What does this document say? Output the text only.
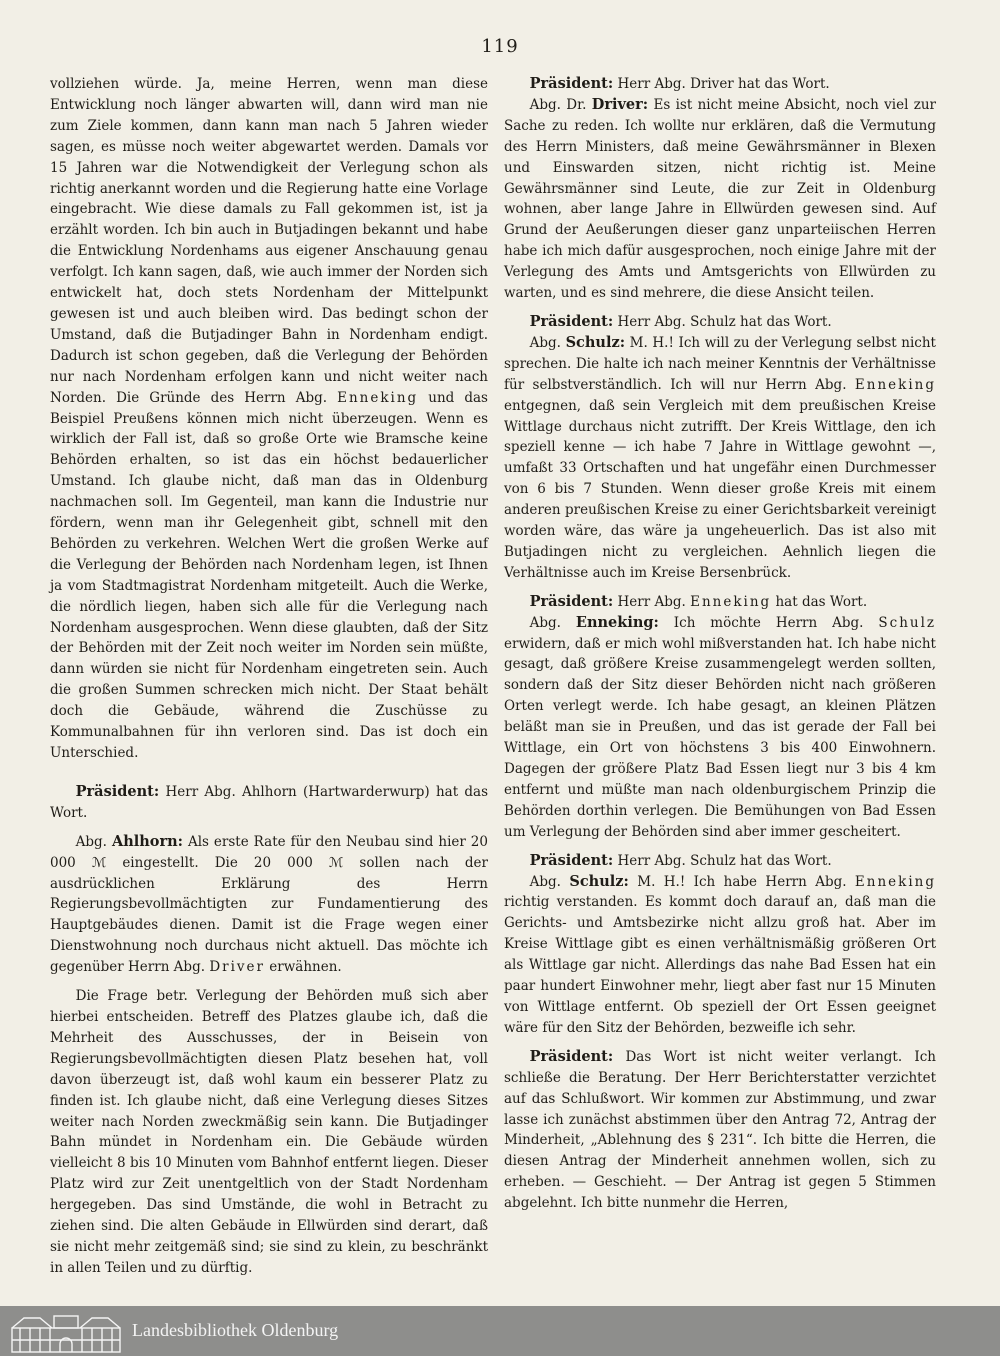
119

vollziehen würde. Ja, meine Herren, wenn man diese Entwicklung noch länger abwarten will, dann wird man nie zum Ziele kommen, dann kann man nach 5 Jahren wieder sagen, es müsse noch weiter abgewartet werden. Damals vor 15 Jahren war die Notwendigkeit der Verlegung schon als richtig anerkannt worden und die Regierung hatte eine Vorlage eingebracht. Wie diese damals zu Fall gekommen ist, ist ja erzählt worden. Ich bin auch in Butjadingen bekannt und habe die Entwicklung Nordenhams aus eigener Anschauung genau verfolgt. Ich kann sagen, daß, wie auch immer der Norden sich entwickelt hat, doch stets Nordenham der Mittelpunkt gewesen ist und auch bleiben wird. Das bedingt schon der Umstand, daß die Butjadinger Bahn in Nordenham endigt. Dadurch ist schon gegeben, daß die Verlegung der Behörden nur nach Nordenham erfolgen kann und nicht weiter nach Norden. Die Gründe des Herrn Abg. Enneking und das Beispiel Preußens können mich nicht überzeugen. Wenn es wirklich der Fall ist, daß so große Orte wie Bramsche keine Behörden erhalten, so ist das ein höchst bedauerlicher Umstand. Ich glaube nicht, daß man das in Oldenburg nachmachen soll. Im Gegenteil, man kann die Industrie nur fördern, wenn man ihr Gelegenheit gibt, schnell mit den Behörden zu verkehren. Welchen Wert die großen Werke auf die Verlegung der Behörden nach Nordenham legen, ist Ihnen ja vom Stadtmagistrat Nordenham mitgeteilt. Auch die Werke, die nördlich liegen, haben sich alle für die Verlegung nach Nordenham ausgesprochen. Wenn diese glaubten, daß der Sitz der Behörden mit der Zeit noch weiter im Norden sein müßte, dann würden sie nicht für Nordenham eingetreten sein. Auch die großen Summen schrecken mich nicht. Der Staat behält doch die Gebäude, während die Zuschüsse zu Kommunalbahnen für ihn verloren sind. Das ist doch ein Unterschied.

Präsident: Herr Abg. Ahlhorn (Hartwarderwurp) hat das Wort.

Abg. Ahlhorn: Als erste Rate für den Neubau sind hier 20 000 ℳ eingestellt. Die 20 000 ℳ sollen nach der ausdrücklichen Erklärung des Herrn Regierungsbevollmächtigten zur Fundamentierung des Hauptgebäudes dienen. Damit ist die Frage wegen einer Dienstwohnung noch durchaus nicht aktuell. Das möchte ich gegenüber Herrn Abg. Driver erwähnen.

Die Frage betr. Verlegung der Behörden muß sich aber hierbei entscheiden. Betreff des Platzes glaube ich, daß die Mehrheit des Ausschusses, der in Beisein von Regierungsbevollmächtigten diesen Platz besehen hat, voll davon überzeugt ist, daß wohl kaum ein besserer Platz zu finden ist. Ich glaube nicht, daß eine Verlegung dieses Sitzes weiter nach Norden zweckmäßig sein kann. Die Butjadinger Bahn mündet in Nordenham ein. Die Gebäude würden vielleicht 8 bis 10 Minuten vom Bahnhof entfernt liegen. Dieser Platz wird zur Zeit unentgeltlich von der Stadt Nordenham hergegeben. Das sind Umstände, die wohl in Betracht zu ziehen sind. Die alten Gebäude in Ellwürden sind derart, daß sie nicht mehr zeitgemäß sind; sie sind zu klein, zu beschränkt in allen Teilen und zu dürftig.

Präsident: Herr Abg. Driver hat das Wort.

Abg. Dr. Driver: Es ist nicht meine Absicht, noch viel zur Sache zu reden. Ich wollte nur erklären, daß die Vermutung des Herrn Ministers, daß meine Gewährsmänner in Blexen und Einswarden sitzen, nicht richtig ist. Meine Gewährsmänner sind Leute, die zur Zeit in Oldenburg wohnen, aber lange Jahre in Ellwürden gewesen sind. Auf Grund der Aeußerungen dieser ganz unparteiischen Herren habe ich mich dafür ausgesprochen, noch einige Jahre mit der Verlegung des Amts und Amtsgerichts von Ellwürden zu warten, und es sind mehrere, die diese Ansicht teilen.

Präsident: Herr Abg. Schulz hat das Wort.

Abg. Schulz: M. H.! Ich will zu der Verlegung selbst nicht sprechen. Die halte ich nach meiner Kenntnis der Verhältnisse für selbstverständlich. Ich will nur Herrn Abg. Enneking entgegnen, daß sein Vergleich mit dem preußischen Kreise Wittlage durchaus nicht zutrifft. Der Kreis Wittlage, den ich speziell kenne — ich habe 7 Jahre in Wittlage gewohnt —, umfaßt 33 Ortschaften und hat ungefähr einen Durchmesser von 6 bis 7 Stunden. Wenn dieser große Kreis mit einem anderen preußischen Kreise zu einer Gerichtsbarkeit vereinigt worden wäre, das wäre ja ungeheuerlich. Das ist also mit Butjadingen nicht zu vergleichen. Aehnlich liegen die Verhältnisse auch im Kreise Bersenbrück.

Präsident: Herr Abg. Enneking hat das Wort.

Abg. Enneking: Ich möchte Herrn Abg. Schulz erwidern, daß er mich wohl mißverstanden hat. Ich habe nicht gesagt, daß größere Kreise zusammengelegt werden sollten, sondern daß der Sitz dieser Behörden nicht nach größeren Orten verlegt werde. Ich habe gesagt, an kleinen Plätzen beläßt man sie in Preußen, und das ist gerade der Fall bei Wittlage, ein Ort von höchstens 3 bis 400 Einwohnern. Dagegen der größere Platz Bad Essen liegt nur 3 bis 4 km entfernt und müßte man nach oldenburgischem Prinzip die Behörden dorthin verlegen. Die Bemühungen von Bad Essen um Verlegung der Behörden sind aber immer gescheitert.

Präsident: Herr Abg. Schulz hat das Wort.

Abg. Schulz: M. H.! Ich habe Herrn Abg. Enneking richtig verstanden. Es kommt doch darauf an, daß man die Gerichts- und Amtsbezirke nicht allzu groß hat. Aber im Kreise Wittlage gibt es einen verhältnismäßig größeren Ort als Wittlage gar nicht. Allerdings das nahe Bad Essen hat ein paar hundert Einwohner mehr, liegt aber fast nur 15 Minuten von Wittlage entfernt. Ob speziell der Ort Essen geeignet wäre für den Sitz der Behörden, bezweifle ich sehr.

Präsident: Das Wort ist nicht weiter verlangt. Ich schließe die Beratung. Der Herr Berichterstatter verzichtet auf das Schlußwort. Wir kommen zur Abstimmung, und zwar lasse ich zunächst abstimmen über den Antrag 72, Antrag der Minderheit, „Ablehnung des § 231“. Ich bitte die Herren, die diesen Antrag der Minderheit annehmen wollen, sich zu erheben. — Geschieht. — Der Antrag ist gegen 5 Stimmen abgelehnt. Ich bitte nunmehr die Herren,

Landesbibliothek Oldenburg
